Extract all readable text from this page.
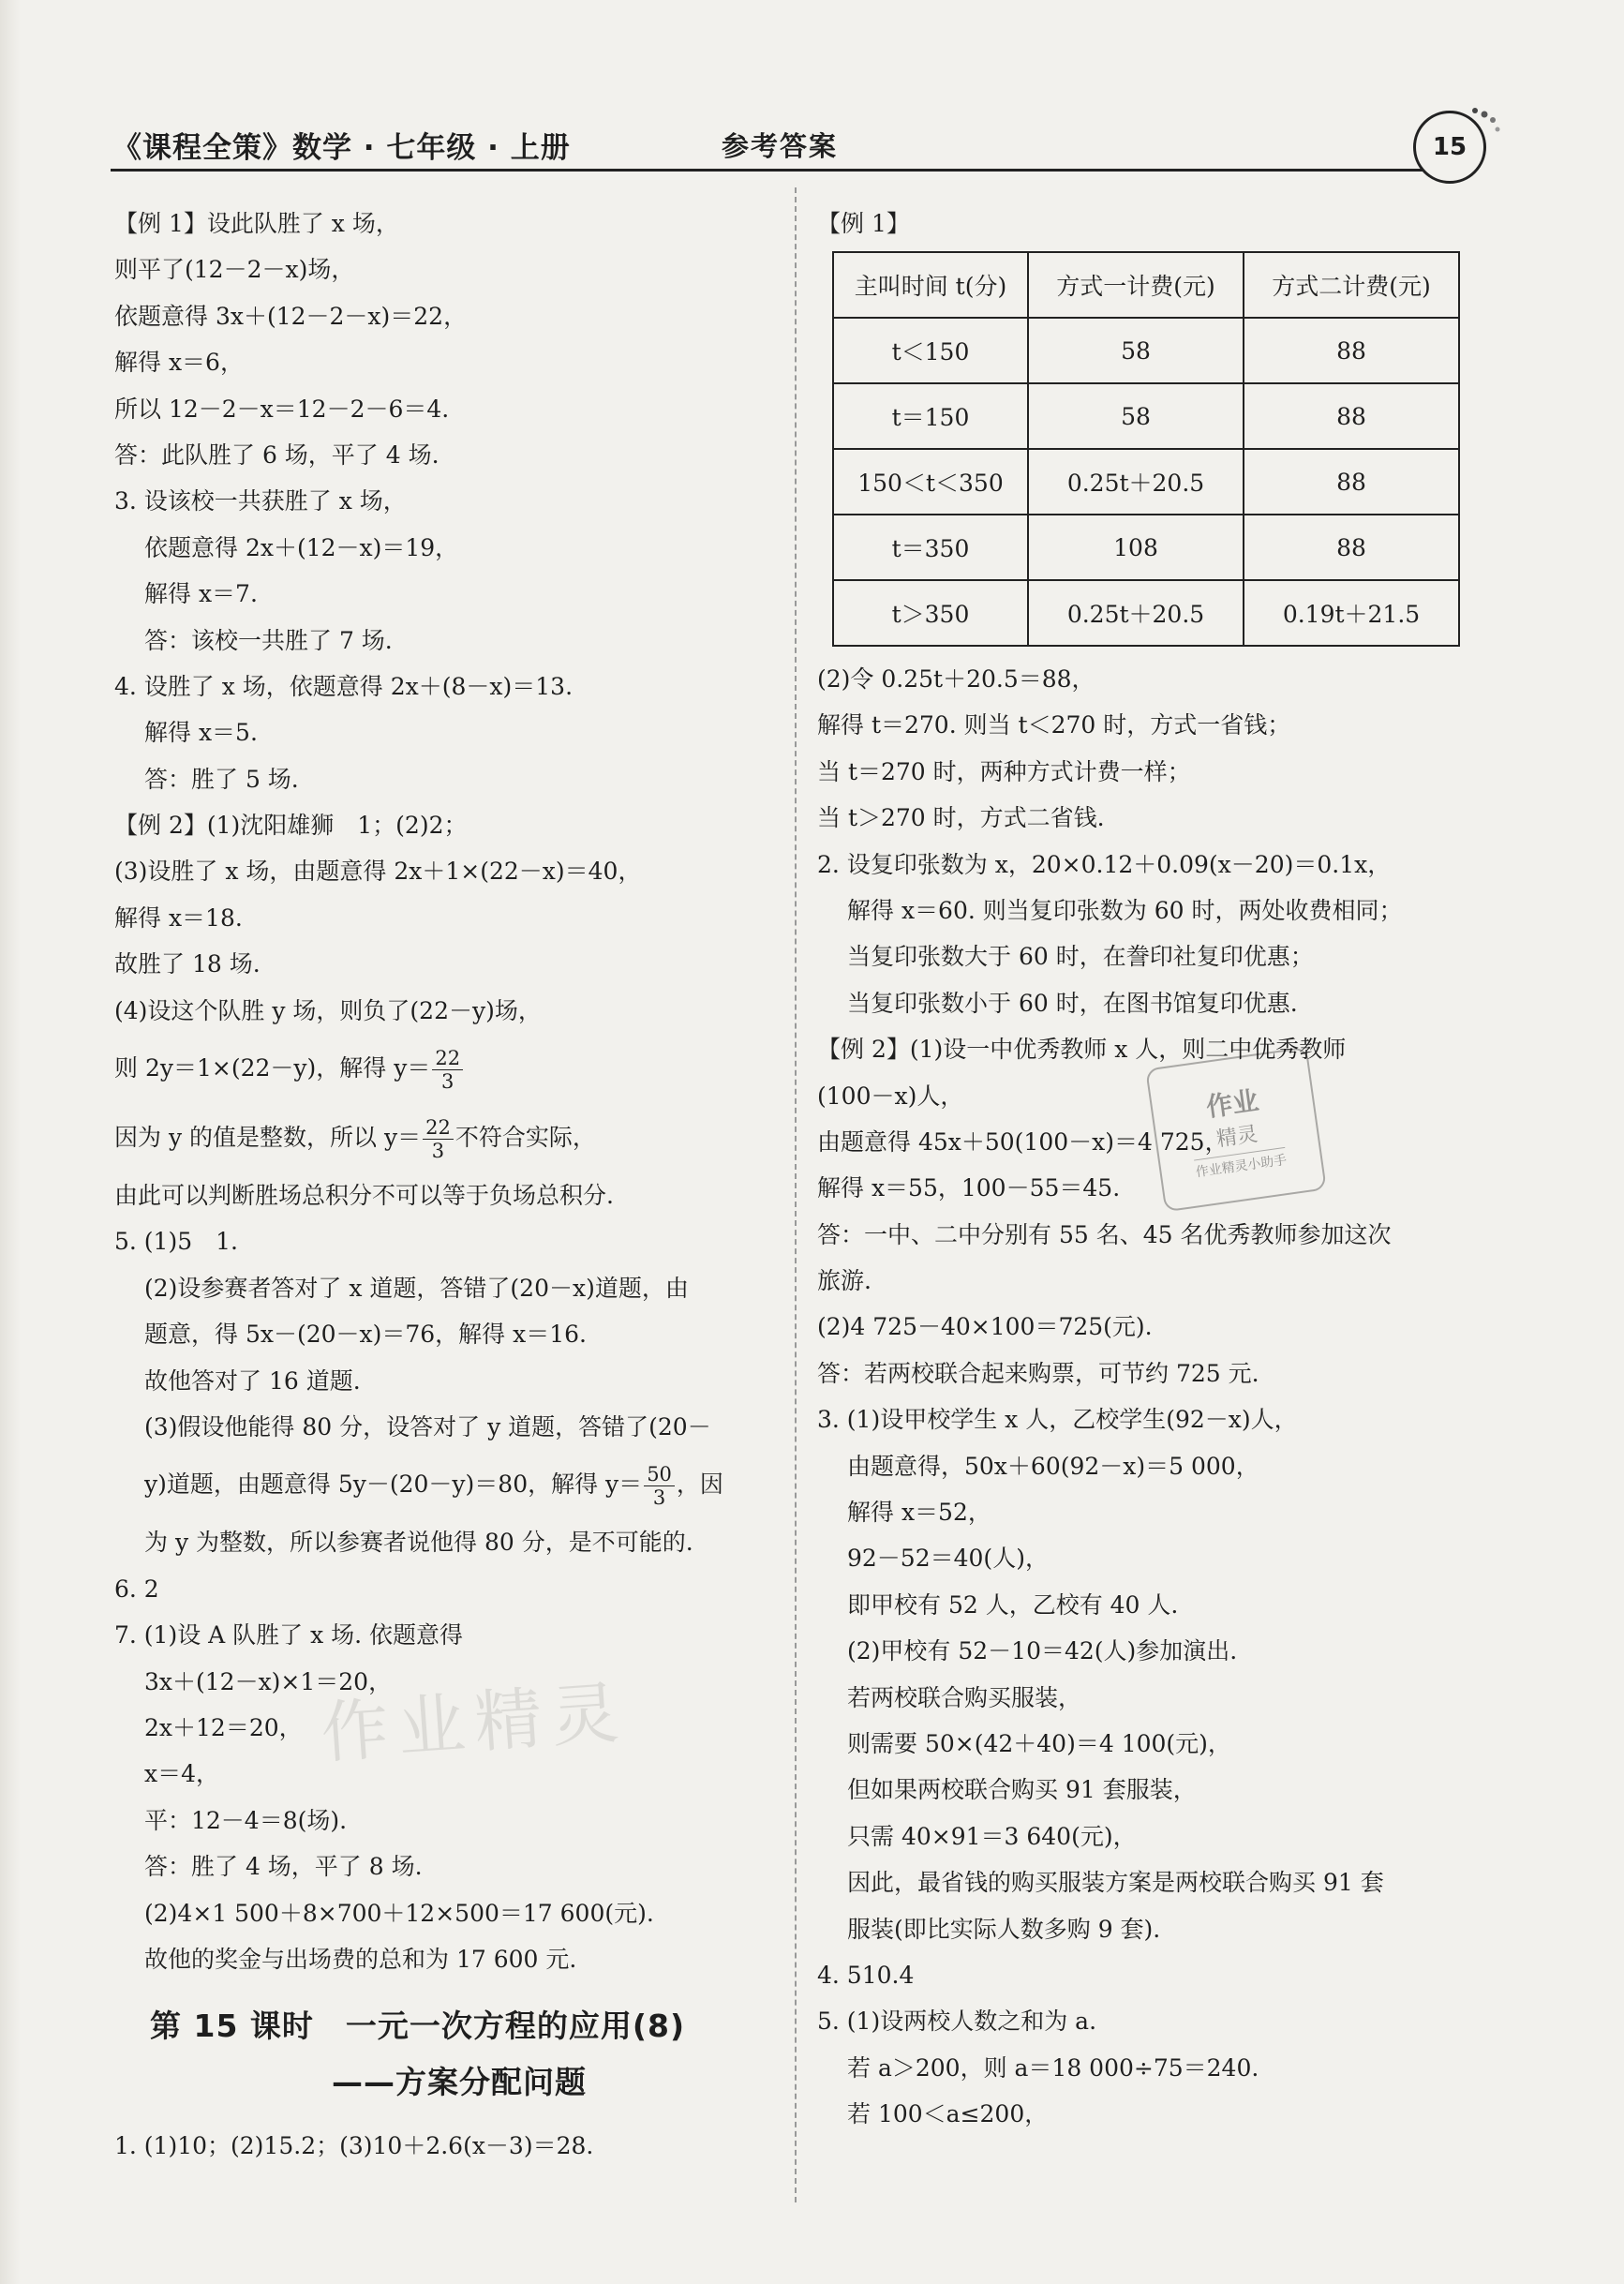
《课程全策》数学 · 七年级 · 上册	参考答案	15
【例 1】设此队胜了 x 场，
则平了(12－2－x)场，
依题意得 3x＋(12－2－x)＝22，
解得 x＝6，
所以 12－2－x＝12－2－6＝4.
答：此队胜了 6 场，平了 4 场.
3. 设该校一共获胜了 x 场，
依题意得 2x＋(12－x)＝19，
解得 x＝7.
答：该校一共胜了 7 场.
4. 设胜了 x 场，依题意得 2x＋(8－x)＝13.
解得 x＝5.
答：胜了 5 场.
【例 2】(1)沈阳雄狮　1；(2)2；
(3)设胜了 x 场，由题意得 2x＋1×(22－x)＝40，
解得 x＝18.
故胜了 18 场.
(4)设这个队胜 y 场，则负了(22－y)场，
则 2y＝1×(22－y)，解得 $y= \frac{22}{3}$
因为 y 的值是整数，所以 $y= \frac{22}{3}$ 不符合实际，
由此可以判断胜场总积分不可以等于负场总积分.
5. (1)5　1.
(2)设参赛者答对了 x 道题，答错了(20－x)道题，由
题意，得 5x－(20－x)＝76，解得 x＝16.
故他答对了 16 道题.
(3)假设他能得 80 分，设答对了 y 道题，答错了(20－
y)道题，由题意得 5y－(20－y)＝80，解得 $y= \frac{50}{3}$ ，因
为 y 为整数，所以参赛者说他得 80 分，是不可能的.
6. 2
7. (1)设 A 队胜了 x 场. 依题意得
3x＋(12－x)×1＝20，
2x＋12＝20，
x＝4，
平：12－4＝8(场).
答：胜了 4 场，平了 8 场.
(2)4×1 500＋8×700＋12×500＝17 600(元).
故他的奖金与出场费的总和为 17 600 元.
第 15 课时　一元一次方程的应用(8)
——方案分配问题
1. (1)10；(2)15.2；(3)10＋2.6(x－3)＝28.
作业精灵
【例 1】
主叫时间 t(分)	方式一计费(元)	方式二计费(元)
t＜150	58	88
t＝150	58	88
150＜t＜350	0.25t＋20.5	88
t＝350	108	88
t＞350	0.25t＋20.5	0.19t＋21.5
(2)令 0.25t＋20.5＝88，
解得 t＝270. 则当 t＜270 时，方式一省钱；
当 t＝270 时，两种方式计费一样；
当 t＞270 时，方式二省钱.
2. 设复印张数为 x，20×0.12＋0.09(x－20)＝0.1x，
解得 x＝60. 则当复印张数为 60 时，两处收费相同；
当复印张数大于 60 时，在誊印社复印优惠；
当复印张数小于 60 时，在图书馆复印优惠.
【例 2】(1)设一中优秀教师 x 人，则二中优秀教师
(100－x)人，
由题意得 45x＋50(100－x)＝4 725，
解得 x＝55，100－55＝45.
答：一中、二中分别有 55 名、45 名优秀教师参加这次
旅游.
(2)4 725－40×100＝725(元).
答：若两校联合起来购票，可节约 725 元.
3. (1)设甲校学生 x 人，乙校学生(92－x)人，
由题意得，50x＋60(92－x)＝5 000，
解得 x＝52，
92－52＝40(人)，
即甲校有 52 人，乙校有 40 人.
(2)甲校有 52－10＝42(人)参加演出.
若两校联合购买服装，
则需要 50×(42＋40)＝4 100(元)，
但如果两校联合购买 91 套服装，
只需 40×91＝3 640(元)，
因此，最省钱的购买服装方案是两校联合购买 91 套
服装(即比实际人数多购 9 套).
4. 510.4
5. (1)设两校人数之和为 a.
若 a＞200，则 a＝18 000÷75＝240.
若 100＜a≤200，
作业
精灵
作业精灵小助手
